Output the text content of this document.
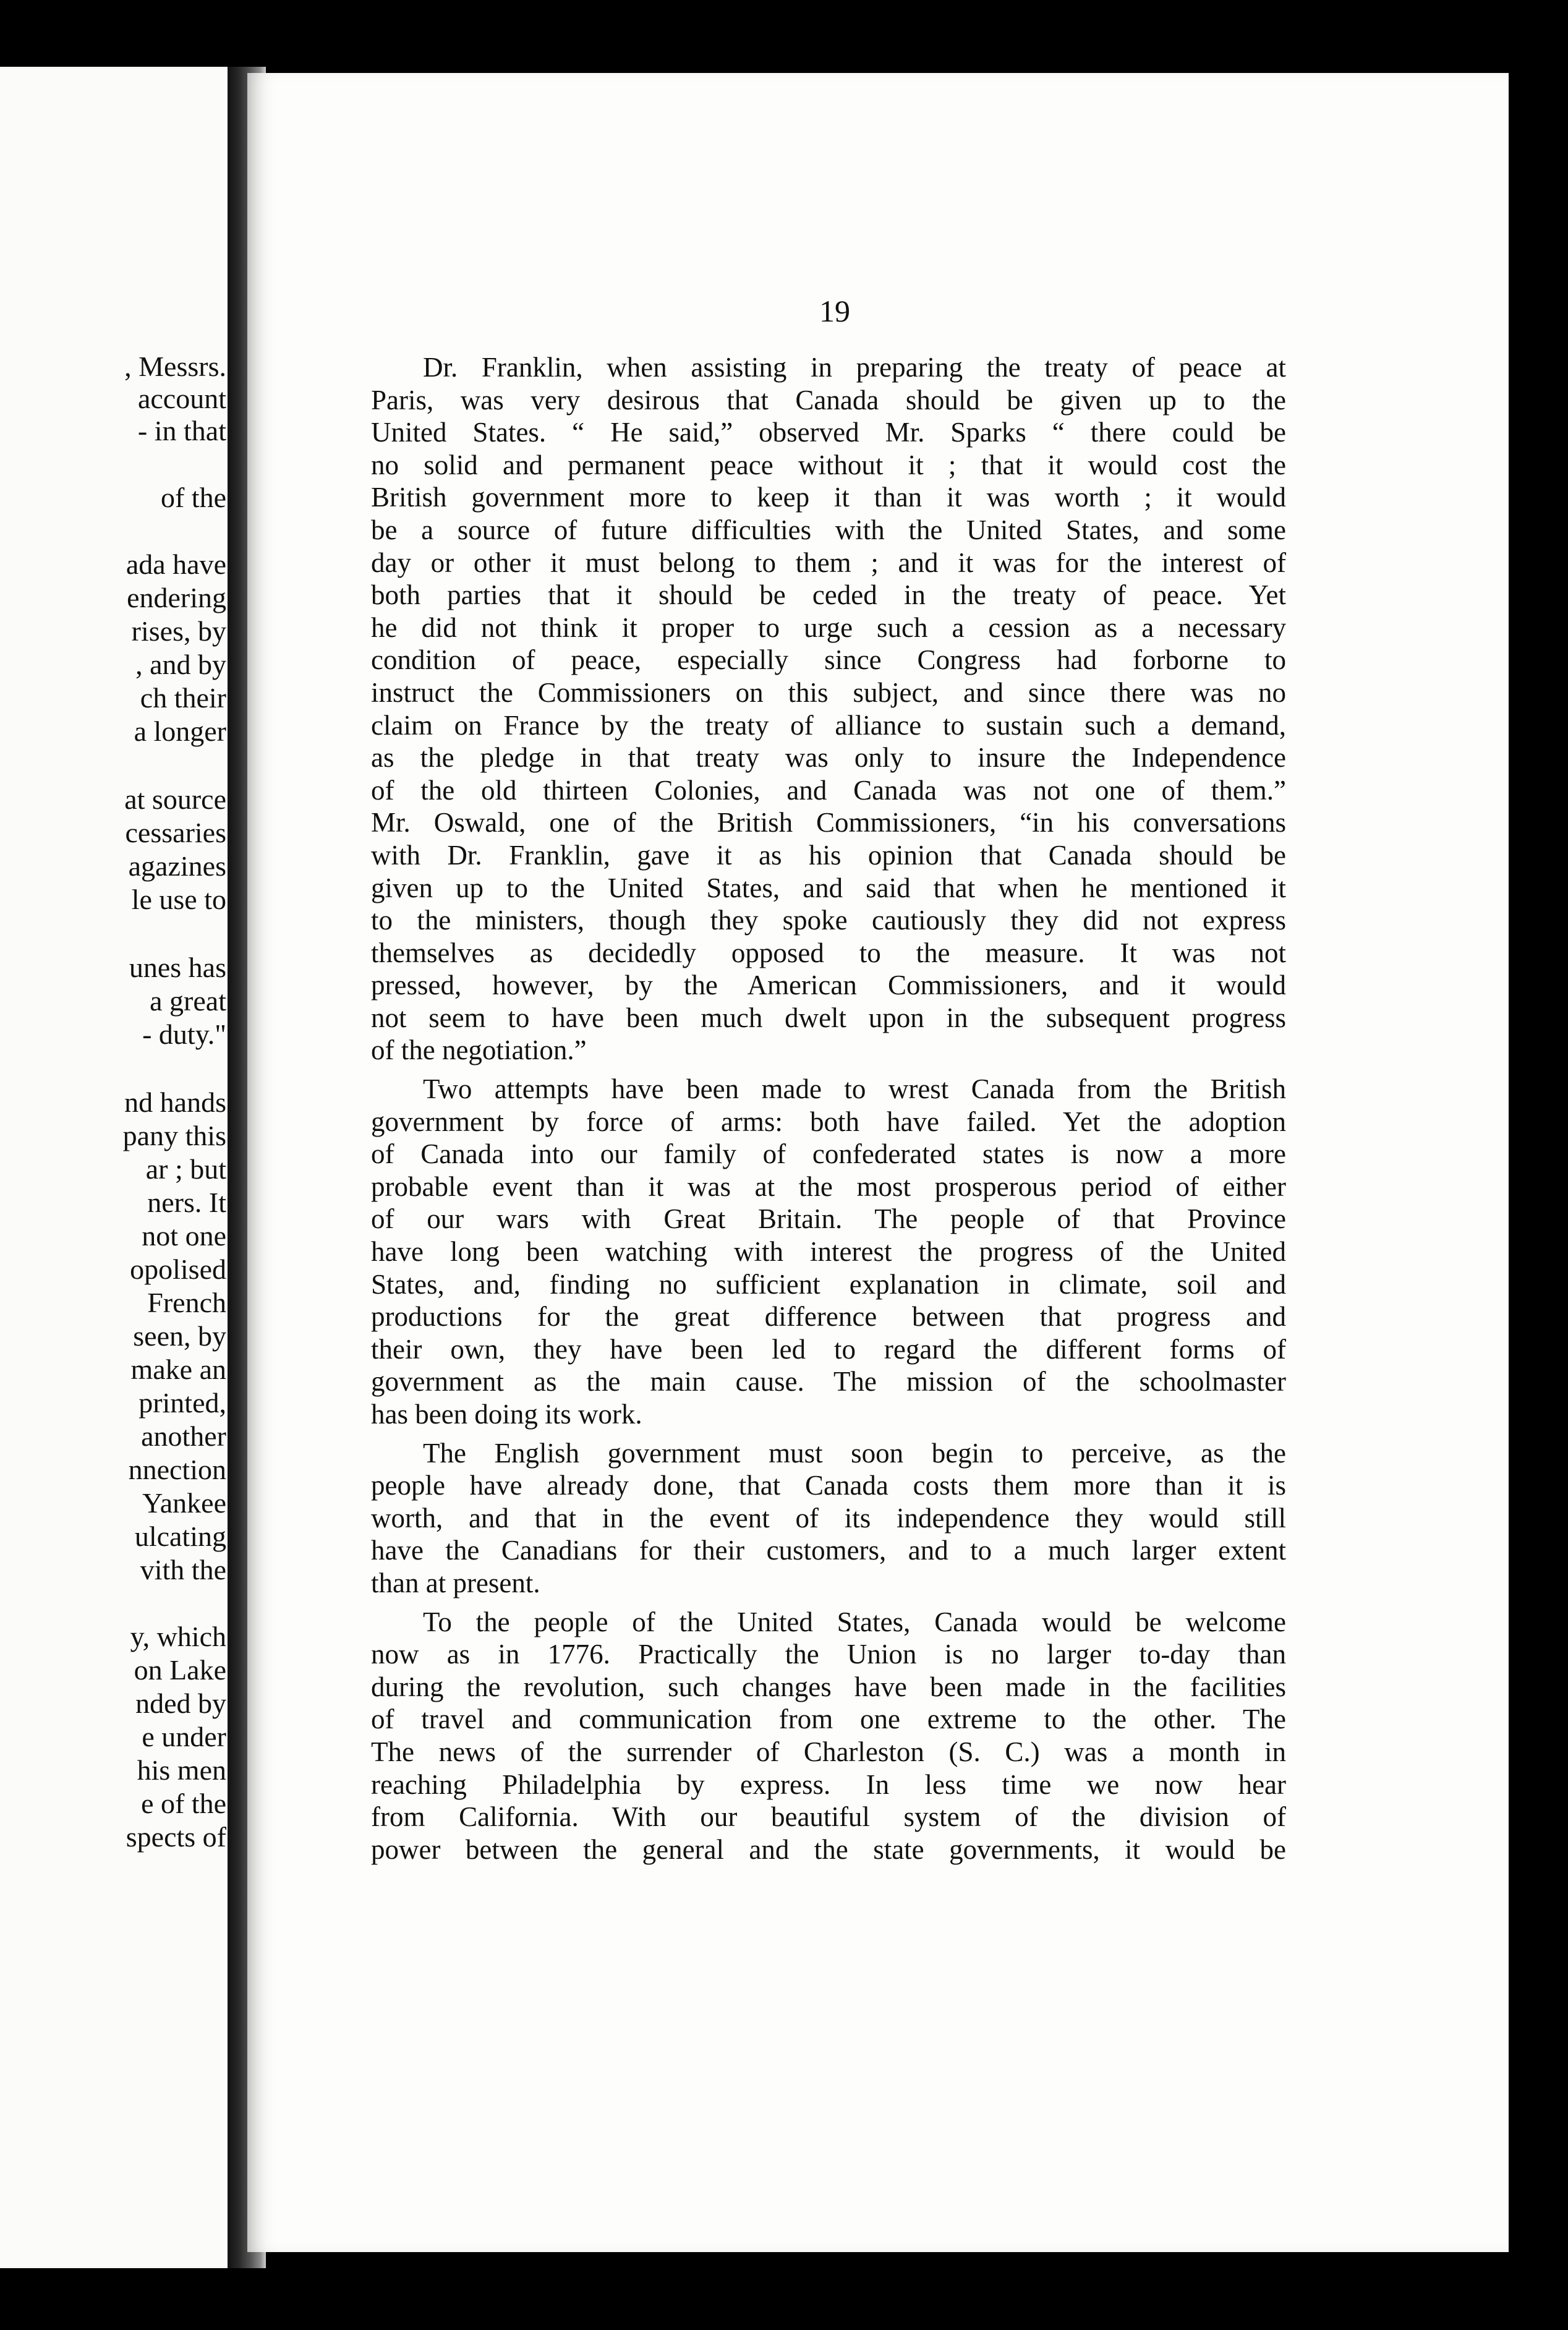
, Messrs.
account
- in that
of the
ada have
endering
rises, by
, and by
ch their
a longer
at source
cessaries
agazines
le use to
unes has
a great
- duty."
nd hands
pany this
ar ; but
ners. It
not one
opolised
French
seen, by
make an
printed,
another
nnection
Yankee
ulcating
vith the
y, which
on Lake
nded by
e under
his men
e of the
spects of
19
Dr. Franklin, when assisting in preparing the treaty of peace at
Paris, was very desirous that Canada should be given up to the
United States. “ He said,” observed Mr. Sparks “ there could be
no solid and permanent peace without it ; that it would cost the
British government more to keep it than it was worth ; it would
be a source of future difficulties with the United States, and some
day or other it must belong to them ; and it was for the interest of
both parties that it should be ceded in the treaty of peace. Yet
he did not think it proper to urge such a cession as a necessary
condition of peace, especially since Congress had forborne to
instruct the Commissioners on this subject, and since there was no
claim on France by the treaty of alliance to sustain such a demand,
as the pledge in that treaty was only to insure the Independence
of the old thirteen Colonies, and Canada was not one of them.”
Mr. Oswald, one of the British Commissioners, “in his conversations
with Dr. Franklin, gave it as his opinion that Canada should be
given up to the United States, and said that when he mentioned it
to the ministers, though they spoke cautiously they did not express
themselves as decidedly opposed to the measure. It was not
pressed, however, by the American Commissioners, and it would
not seem to have been much dwelt upon in the subsequent progress
of the negotiation.”
Two attempts have been made to wrest Canada from the British
government by force of arms: both have failed. Yet the adoption
of Canada into our family of confederated states is now a more
probable event than it was at the most prosperous period of either
of our wars with Great Britain. The people of that Province
have long been watching with interest the progress of the United
States, and, finding no sufficient explanation in climate, soil and
productions for the great difference between that progress and
their own, they have been led to regard the different forms of
government as the main cause. The mission of the schoolmaster
has been doing its work.
The English government must soon begin to perceive, as the
people have already done, that Canada costs them more than it is
worth, and that in the event of its independence they would still
have the Canadians for their customers, and to a much larger extent
than at present.
To the people of the United States, Canada would be welcome
now as in 1776. Practically the Union is no larger to-day than
during the revolution, such changes have been made in the facilities
of travel and communication from one extreme to the other. The
The news of the surrender of Charleston (S. C.) was a month in
reaching Philadelphia by express. In less time we now hear
from California. With our beautiful system of the division of
power between the general and the state governments, it would be
